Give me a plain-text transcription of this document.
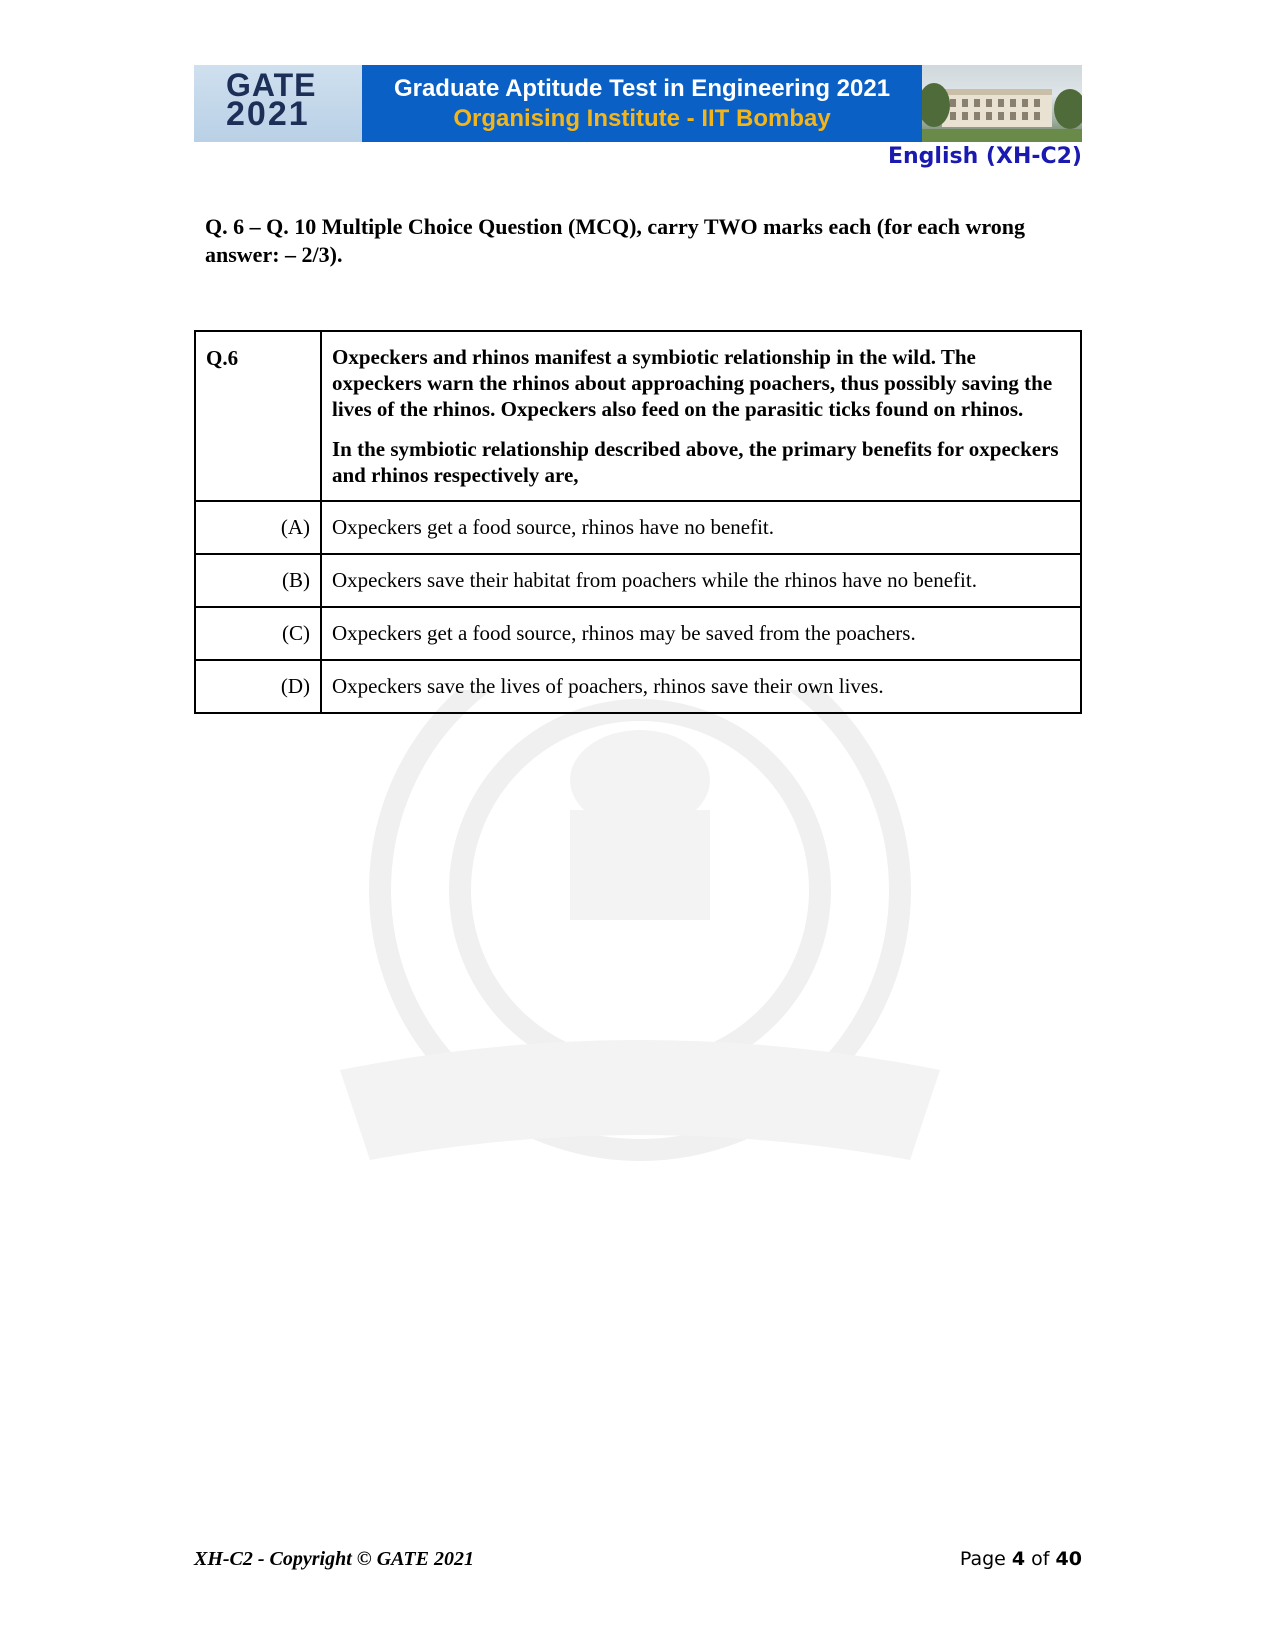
GATE
2021
Graduate Aptitude Test in Engineering 2021
Organising Institute - IIT Bombay
English (XH-C2)
Q. 6 – Q. 10 Multiple Choice Question (MCQ), carry TWO marks each (for each wrong answer: – 2/3).
Q.6	Oxpeckers and rhinos manifest a symbiotic relationship in the wild. The oxpeckers warn the rhinos about approaching poachers, thus possibly saving the lives of the rhinos. Oxpeckers also feed on the parasitic ticks found on rhinos.

In the symbiotic relationship described above, the primary benefits for oxpeckers and rhinos respectively are,

(A)	Oxpeckers get a food source, rhinos have no benefit.
(B)	Oxpeckers save their habitat from poachers while the rhinos have no benefit.
(C)	Oxpeckers get a food source, rhinos may be saved from the poachers.
(D)	Oxpeckers save the lives of poachers, rhinos save their own lives.
XH-C2 - Copyright © GATE 2021	Page 4 of 40
